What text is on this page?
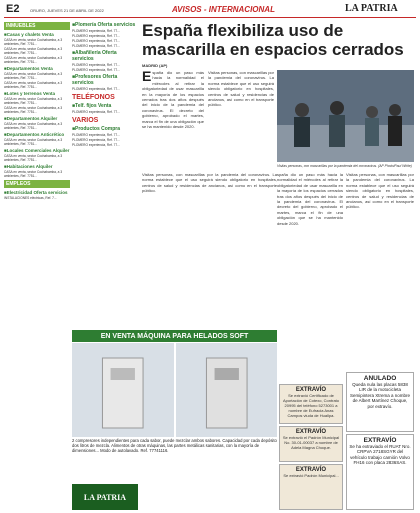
E2	ORURO, JUEVES 21 DE ABRIL DE 2022	AVISOS - INTERNACIONAL	LA PATRIA
INMUEBLES
■ Casas y chalets Venta
CASA en venta, sector Cochabamba, a 3 ambientes, Ref. 7751...
CASA en venta, sector Cochabamba, a 3 ambientes, Ref. 7751...
CASA en venta, sector Cochabamba, a 3 ambientes, Ref. 7751...
■ Departamentos Venta
CASA en venta, sector Cochabamba, a 3 ambientes, Ref. 7751...
CASA en venta, sector Cochabamba, a 3 ambientes, Ref. 7751...
■ Lotes y terrenos Venta
CASA en venta, sector Cochabamba, a 3 ambientes, Ref. 7751...
CASA en venta, sector Cochabamba, a 3 ambientes, Ref. 7751...
■ Departamentos Alquiler
CASA en venta, sector Cochabamba, a 3 ambientes, Ref. 7751...
■ Departamentos Anticrético
CASA en venta, sector Cochabamba, a 3 ambientes, Ref. 7751...
■ Locales Comerciales Alquiler
CASA en venta, sector Cochabamba, a 3 ambientes, Ref. 7751...
■ Habitaciones Alquiler
CASA en venta, sector Cochabamba, a 3 ambientes, Ref. 7751...
EMPLEOS
■ Electricidad Oferta servicios
INSTALACIONES eléctricas, Ref. 7...
■ Plomería Oferta servicios
PLOMERO experiencia, Ref. 77...
PLOMERO experiencia, Ref. 77...
PLOMERO experiencia, Ref. 77...
PLOMERO experiencia, Ref. 77...
■ Albañilería Oferta servicios
PLOMERO experiencia, Ref. 77...
PLOMERO experiencia, Ref. 77...
■ Profesores Oferta servicios
PLOMERO experiencia, Ref. 77...
TELÉFONOS
■ Telf. fijos Venta
PLOMERO experiencia, Ref. 77...
VARIOS
■ Productos Compra
PLOMERO experiencia, Ref. 77...
PLOMERO experiencia, Ref. 77...
PLOMERO experiencia, Ref. 77...
España flexibiliza uso de mascarilla en espacios cerrados
MADRID (AP)
España dio un paso más hacia la normalidad el miércoles al retirar la obligatoriedad de usar mascarilla en la mayoría de los espacios cerrados tras dos años después del inicio de la pandemia del coronavirus. El decreto del gobierno, aprobado el martes, marca el fin de una obligación que se ha mantenido desde 2020.
Visitas personas, con mascarillas por la pandemia del coronavirus. La norma establece que el uso seguirá siendo obligatorio en hospitales, centros de salud y residencias de ancianos, así como en el transporte público.
Visitas personas, con mascarillas por la pandemia del coronavirus. (AP Photo/Paul White)
Visitas personas, con mascarillas por la pandemia del coronavirus. La norma establece que el uso seguirá siendo obligatorio en hospitales, centros de salud y residencias de ancianos, así como en el transporte público.
spaña dio un paso más hacia la normalidad el miércoles al retirar la obligatoriedad de usar mascarilla en la mayoría de los espacios cerrados tras dos años después del inicio de la pandemia del coronavirus. El decreto del gobierno, aprobado el martes, marca el fin de una obligación que se ha mantenido desde 2020.
Visitas personas, con mascarillas por la pandemia del coronavirus. La norma establece que el uso seguirá siendo obligatorio en hospitales, centros de salud y residencias de ancianos, así como en el transporte público.
EN VENTA MÁQUINA PARA HELADOS SOFT
2 compresores independientes para cada sabor, puede mezclar ambos sabores. Capacidad por cada depósito dos litros de mezcla. Alimentos de otras máquinas, las partes metálicas sanitarias, con la mayoría de dimensiones... Modo de autolavado. Ref. 77741116.
EXTRAVÍO

Se extravió Certificado de Aportación de Cotexo, Contrato 20995 del teléfono 5273001 a nombre de Eufracia Anas Campos viuda de Huallpa.

EXTRAVÍO

Se extravió el Padrón Municipal No. 30-01-00037 a nombre de Adela Magna Choque.

EXTRAVÍO

Se extravió Padrón Municipal...

ANULADO

Queda nula las placas 5838 LIR de la motocicleta Semipintera Xtrema a nombre de Albert Martínez Choque, por extravío.

EXTRAVÍO

Se ha extraviado el RUAT Nro. CRPVA 2718SGYR del vehículo trabajo camión Volvo FH16 con placa 2836SAS.

LA PATRIA
